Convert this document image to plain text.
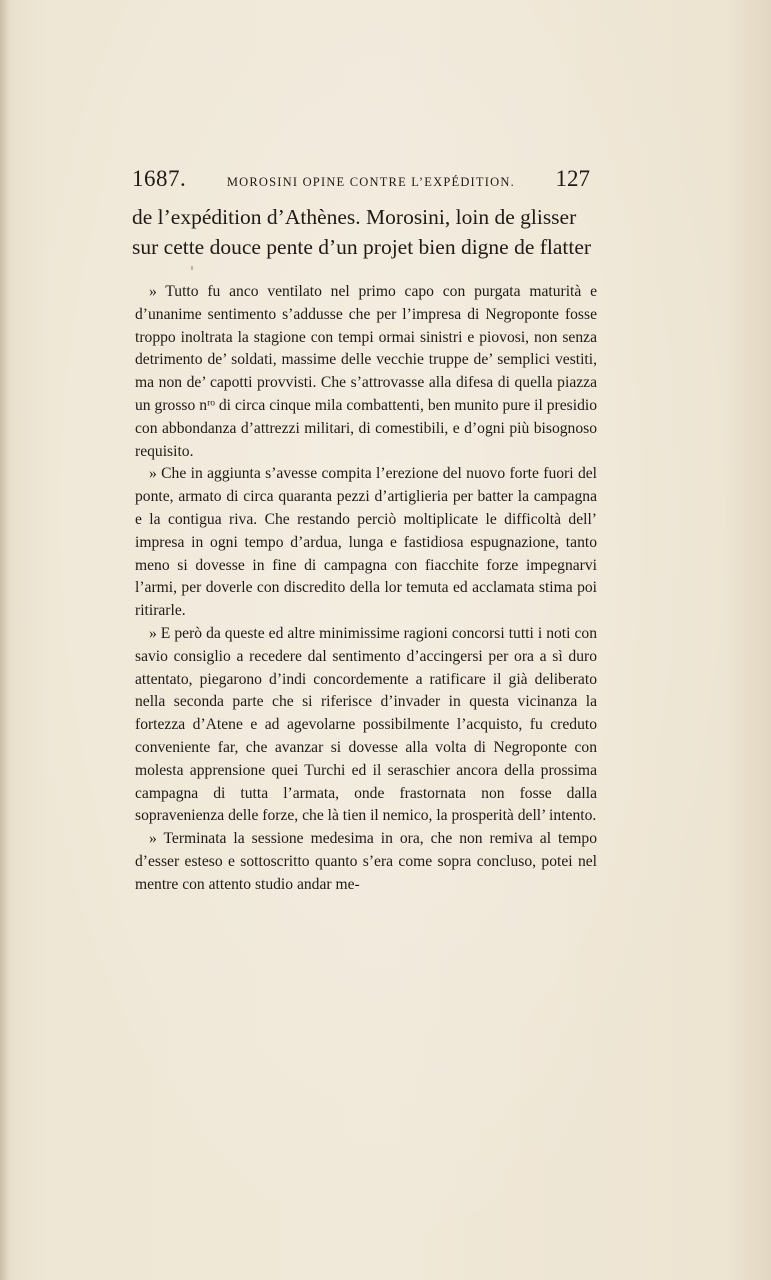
1687.	MOROSINI OPINE CONTRE L’EXPÉDITION. 127

de l’expédition d’Athènes. Morosini, loin de glisser

sur cette douce pente d’un projet bien digne de flatter

» Tutto fu anco ventilato nel primo capo con purgata maturità e d’unanime sentimento s’addusse che per l’impresa di Negroponte fosse troppo inoltrata la stagione con tempi ormai sinistri e piovosi, non senza detrimento de’ soldati, massime delle vecchie truppe de’ semplici vestiti, ma non de’ capotti provvisti. Che s’attrovasse alla difesa di quella piazza un grosso nʳᵒ di circa cinque mila combattenti, ben munito pure il presidio con abbondanza d’attrezzi militari, di comestibili, e d’ogni più bisognoso requisito.

» Che in aggiunta s’avesse compita l’erezione del nuovo forte fuori del ponte, armato di circa quaranta pezzi d’artiglieria per batter la campagna e la contigua riva. Che restando perciò moltiplicate le difficoltà dell’ impresa in ogni tempo d’ardua, lunga e fastidiosa espugnazione, tanto meno si dovesse in fine di campagna con fiacchite forze impegnarvi l’armi, per doverle con discredito della lor temuta ed acclamata stima poi ritirarle.

» E però da queste ed altre minimissime ragioni concorsi tutti i noti con savio consiglio a recedere dal sentimento d’accingersi per ora a sì duro attentato, piegarono d’indi concordemente a ratificare il già deliberato nella seconda parte che si riferisce d’invader in questa vicinanza la fortezza d’Atene e ad agevolarne possibilmente l’acquisto, fu creduto conveniente far, che avanzar si dovesse alla volta di Negroponte con molesta apprensione quei Turchi ed il seraschier ancora della prossima campagna di tutta l’armata, onde frastornata non fosse dalla sopravenienza delle forze, che là tien il nemico, la prosperità dell’ intento.

» Terminata la sessione medesima in ora, che non remiva al tempo d’esser esteso e sottoscritto quanto s’era come sopra concluso, potei nel mentre con attento studio andar me-
